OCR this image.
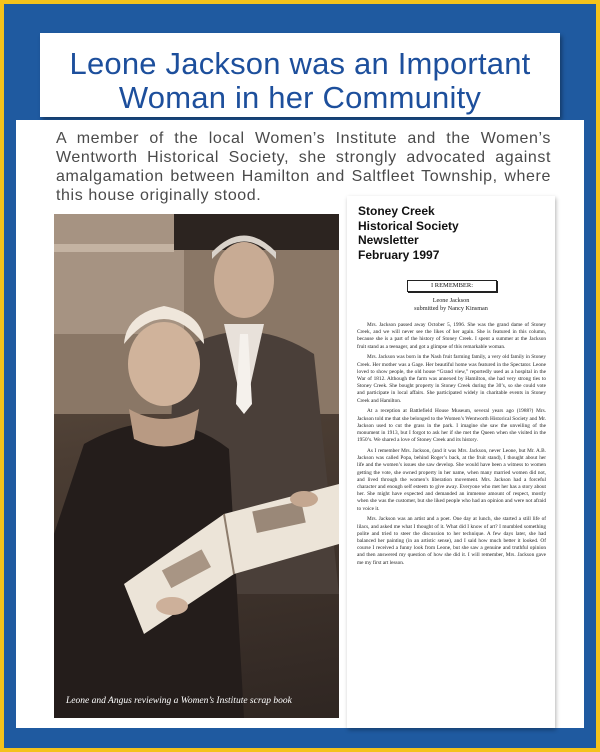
Leone Jackson was an Important
Woman in her Community

A member of the local Women’s Institute and the Women’s
Wentworth Historical Society, she strongly advocated against
amalgamation between Hamilton and Saltfleet Township, where
this house originally stood.

Leone and Angus reviewing a Women’s Institute scrap book
Stoney Creek
Historical Society
Newsletter
February 1997
I REMEMBER:
Leone Jackson
submitted by Nancy Kinsman

Mrs. Jackson passed away October 5, 1996. She was the grand dame of Stoney Creek, and we will never see the likes of her again. She is featured in this column, because she is a part of the history of Stoney Creek. I spent a summer at the Jackson fruit stand as a teenager, and got a glimpse of this remarkable woman.

Mrs. Jackson was born in the Nash fruit farming family, a very old family in Stoney Creek. Her mother was a Gage. Her beautiful home was featured in the Spectator. Leone loved to show people, the old house “Grand view,” reportedly used as a hospital in the War of 1812. Although the farm was annexed by Hamilton, she had very strong ties to Stoney Creek. She bought property in Stoney Creek during the 30’s, so she could vote and participate in local affairs. She participated widely in charitable events in Stoney Creek and Hamilton.

At a reception at Battlefield House Museum, several years ago (1988?) Mrs. Jackson told me that she belonged to the Women’s Wentworth Historical Society and Mr. Jackson used to cut the grass in the park. I imagine she saw the unveiling of the monument in 1913, but I forgot to ask her if she met the Queen when she visited in the 1950’s. We shared a love of Stoney Creek and its history.

As I remember Mrs. Jackson, (and it was Mrs. Jackson, never Leone, but Mr. A.B. Jackson was called Popa, behind Roger’s back, at the fruit stand), I thought about her life and the women’s issues she saw develop. She would have been a witness to women getting the vote, she owned property in her name, when many married women did not, and lived through the women’s liberation movement. Mrs. Jackson had a forceful character and enough self esteem to give away. Everyone who met her has a story about her. She might have expected and demanded an immense amount of respect, mostly when she was the customer, but she liked people who had an opinion and were not afraid to voice it.

Mrs. Jackson was an artist and a poet. One day at lunch, she started a still life of lilacs, and asked me what I thought of it. What did I know of art? I mumbled something polite and tried to steer the discussion to her technique. A few days later, she had balanced her painting (in an artistic sense), and I said how much better it looked. Of course I received a funny look from Leone, but she saw a genuine and truthful opinion and then answered my question of how she did it. I will remember, Mrs. Jackson gave me my first art lesson.
